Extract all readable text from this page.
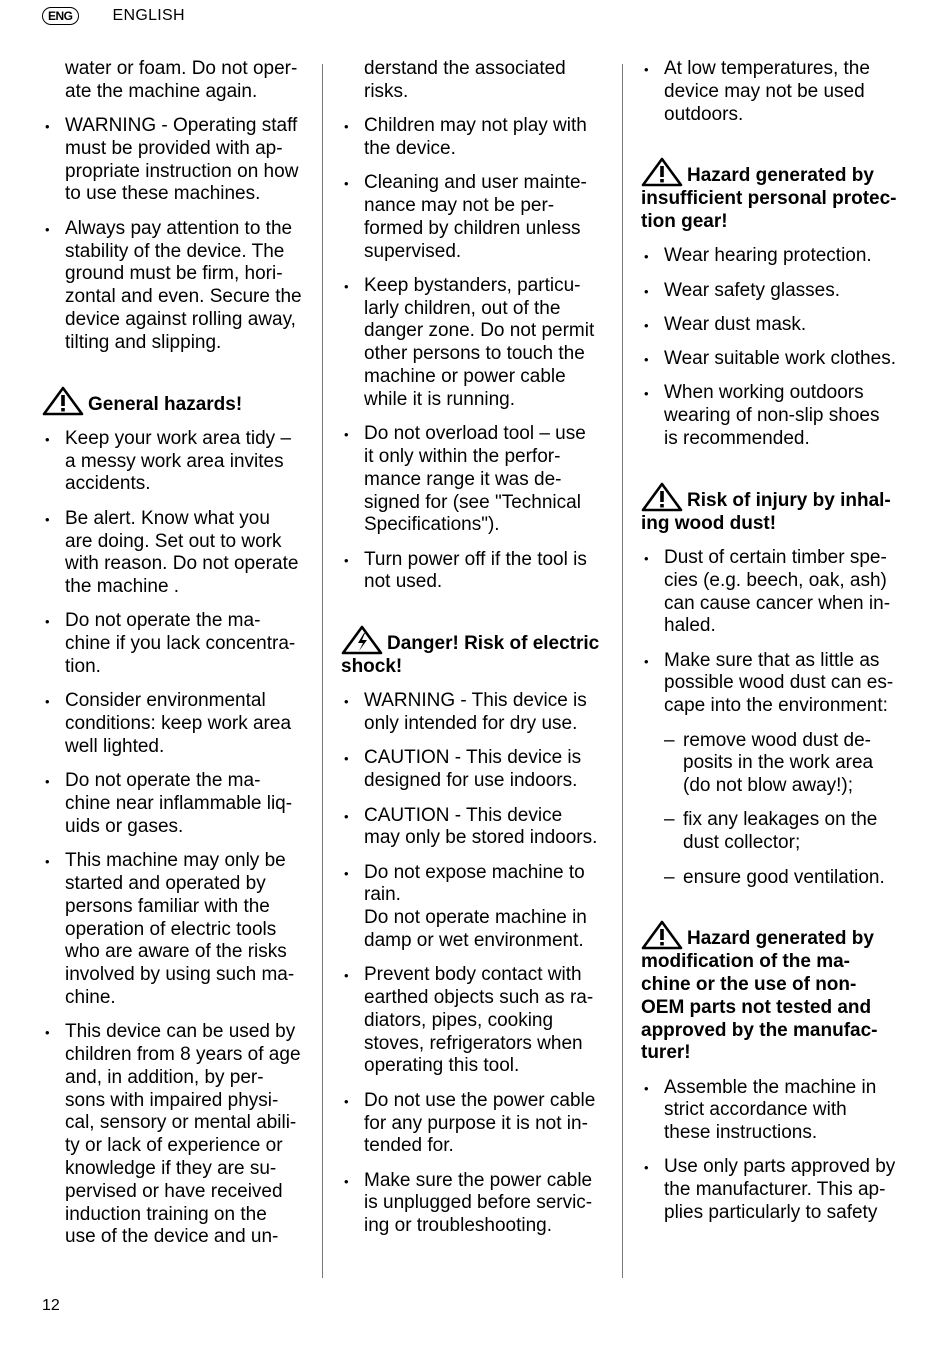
ENG	ENGLISH
water or foam. Do not oper-
ate the machine again.
• WARNING - Operating staff
must be provided with ap-
propriate instruction on how
to use these machines.
• Always pay attention to the
stability of the device. The
ground must be firm, hori-
zontal and even. Secure the
device against rolling away,
tilting and slipping.
General hazards!
• Keep your work area tidy –
a messy work area invites
accidents.
• Be alert. Know what you
are doing. Set out to work
with reason. Do not operate
the machine .
• Do not operate the ma-
chine if you lack concentra-
tion.
• Consider environmental
conditions: keep work area
well lighted.
• Do not operate the ma-
chine near inflammable liq-
uids or gases.
• This machine may only be
started and operated by
persons familiar with the
operation of electric tools
who are aware of the risks
involved by using such ma-
chine.
• This device can be used by
children from 8 years of age
and, in addition, by per-
sons with impaired physi-
cal, sensory or mental abili-
ty or lack of experience or
knowledge if they are su-
pervised or have received
induction training on the
use of the device and un-
derstand the associated
risks.
• Children may not play with
the device.
• Cleaning and user mainte-
nance may not be per-
formed by children unless
supervised.
• Keep bystanders, particu-
larly children, out of the
danger zone. Do not permit
other persons to touch the
machine or power cable
while it is running.
• Do not overload tool – use
it only within the perfor-
mance range it was de-
signed for (see "Technical
Specifications").
• Turn power off if the tool is
not used.
Danger! Risk of electric

shock!
• WARNING - This device is
only intended for dry use.
• CAUTION - This device is
designed for use indoors.
• CAUTION - This device
may only be stored indoors.
• Do not expose machine to
rain.
Do not operate machine in
damp or wet environment.
• Prevent body contact with
earthed objects such as ra-
diators, pipes, cooking
stoves, refrigerators when
operating this tool.
• Do not use the power cable
for any purpose it is not in-
tended for.
• Make sure the power cable
is unplugged before servic-
ing or troubleshooting.
• At low temperatures, the
device may not be used
outdoors.
Hazard generated by

insufficient personal protec-
tion gear!
• Wear hearing protection.
• Wear safety glasses.
• Wear dust mask.
• Wear suitable work clothes.
• When working outdoors
wearing of non-slip shoes
is recommended.
Risk of injury by inhal-

ing wood dust!
• Dust of certain timber spe-
cies (e.g. beech, oak, ash)
can cause cancer when in-
haled.
• Make sure that as little as
possible wood dust can es-
cape into the environment:
– remove wood dust de-
posits in the work area
(do not blow away!);
– fix any leakages on the
dust collector;
– ensure good ventilation.
Hazard generated by

modification of the ma-
chine or the use of non-
OEM parts not tested and
approved by the manufac-
turer!
• Assemble the machine in
strict accordance with
these instructions.
• Use only parts approved by
the manufacturer. This ap-
plies particularly to safety
12
